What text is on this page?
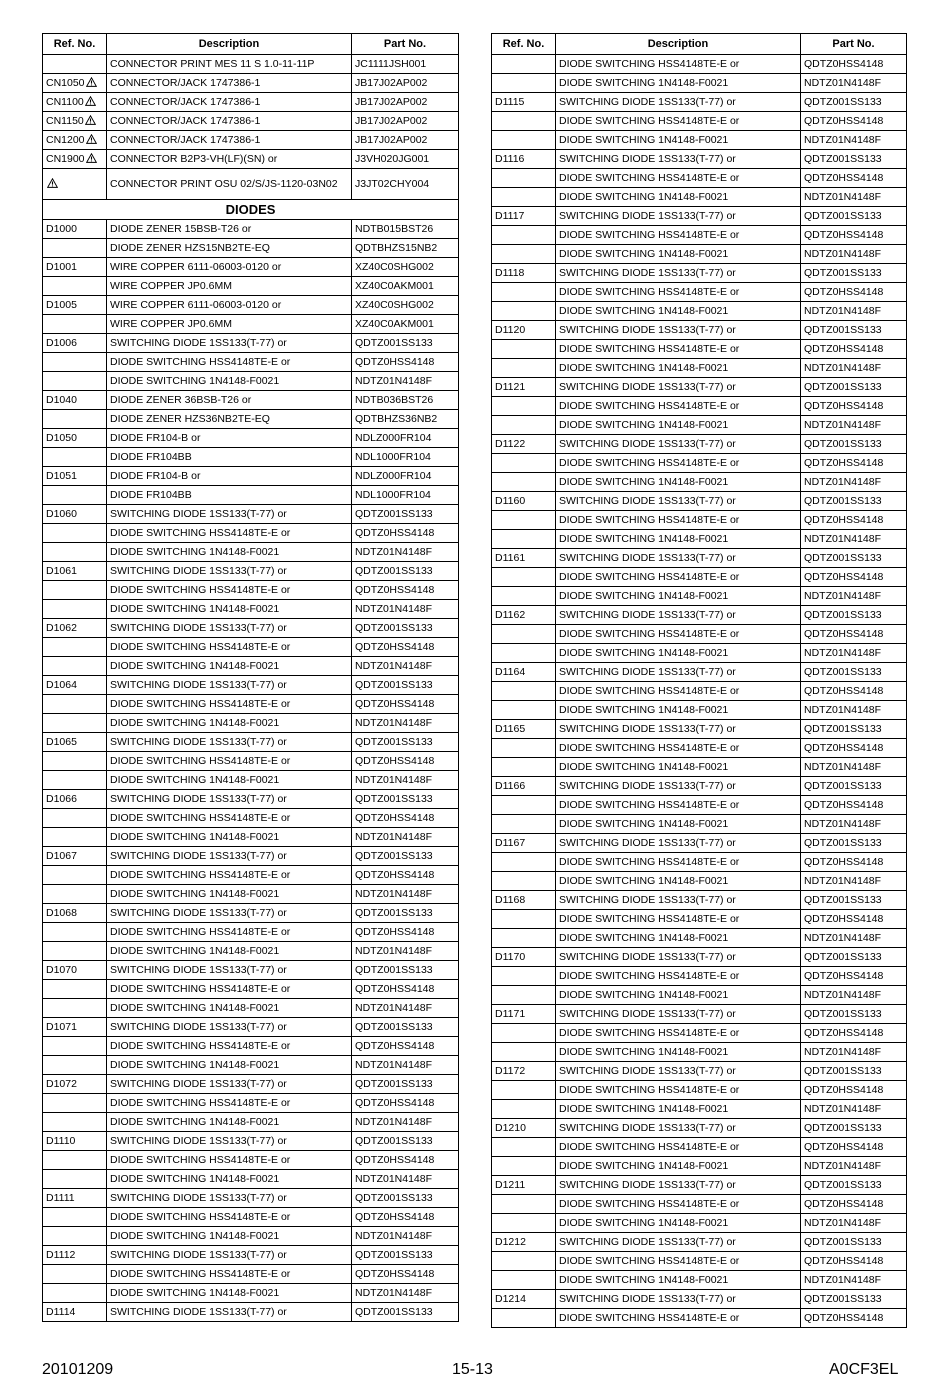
Ref. No.	Description	Part No.
	CONNECTOR PRINT MES 11 S 1.0-11-11P	JC1111JSH001
CN1050	CONNECTOR/JACK 1747386-1	JB17J02AP002
CN1100	CONNECTOR/JACK 1747386-1	JB17J02AP002
CN1150	CONNECTOR/JACK 1747386-1	JB17J02AP002
CN1200	CONNECTOR/JACK 1747386-1	JB17J02AP002
CN1900	CONNECTOR B2P3-VH(LF)(SN) or	J3VH020JG001
	CONNECTOR PRINT OSU 02/S/JS-1120-03N02	J3JT02CHY004
DIODES		
D1000	DIODE ZENER 15BSB-T26 or	NDTB015BST26
	DIODE ZENER HZS15NB2TE-EQ	QDTBHZS15NB2
D1001	WIRE COPPER 6111-06003-0120 or	XZ40C0SHG002
	WIRE COPPER JP0.6MM	XZ40C0AKM001
D1005	WIRE COPPER 6111-06003-0120 or	XZ40C0SHG002
	WIRE COPPER JP0.6MM	XZ40C0AKM001
D1006	SWITCHING DIODE 1SS133(T-77) or	QDTZ001SS133
	DIODE SWITCHING HSS4148TE-E or	QDTZ0HSS4148
	DIODE SWITCHING 1N4148-F0021	NDTZ01N4148F
D1040	DIODE ZENER 36BSB-T26 or	NDTB036BST26
	DIODE ZENER HZS36NB2TE-EQ	QDTBHZS36NB2
D1050	DIODE FR104-B or	NDLZ000FR104
	DIODE FR104BB	NDL1000FR104
D1051	DIODE FR104-B or	NDLZ000FR104
	DIODE FR104BB	NDL1000FR104
D1060	SWITCHING DIODE 1SS133(T-77) or	QDTZ001SS133
	DIODE SWITCHING HSS4148TE-E or	QDTZ0HSS4148
	DIODE SWITCHING 1N4148-F0021	NDTZ01N4148F
D1061	SWITCHING DIODE 1SS133(T-77) or	QDTZ001SS133
	DIODE SWITCHING HSS4148TE-E or	QDTZ0HSS4148
	DIODE SWITCHING 1N4148-F0021	NDTZ01N4148F
D1062	SWITCHING DIODE 1SS133(T-77) or	QDTZ001SS133
	DIODE SWITCHING HSS4148TE-E or	QDTZ0HSS4148
	DIODE SWITCHING 1N4148-F0021	NDTZ01N4148F
D1064	SWITCHING DIODE 1SS133(T-77) or	QDTZ001SS133
	DIODE SWITCHING HSS4148TE-E or	QDTZ0HSS4148
	DIODE SWITCHING 1N4148-F0021	NDTZ01N4148F
D1065	SWITCHING DIODE 1SS133(T-77) or	QDTZ001SS133
	DIODE SWITCHING HSS4148TE-E or	QDTZ0HSS4148
	DIODE SWITCHING 1N4148-F0021	NDTZ01N4148F
D1066	SWITCHING DIODE 1SS133(T-77) or	QDTZ001SS133
	DIODE SWITCHING HSS4148TE-E or	QDTZ0HSS4148
	DIODE SWITCHING 1N4148-F0021	NDTZ01N4148F
D1067	SWITCHING DIODE 1SS133(T-77) or	QDTZ001SS133
	DIODE SWITCHING HSS4148TE-E or	QDTZ0HSS4148
	DIODE SWITCHING 1N4148-F0021	NDTZ01N4148F
D1068	SWITCHING DIODE 1SS133(T-77) or	QDTZ001SS133
	DIODE SWITCHING HSS4148TE-E or	QDTZ0HSS4148
	DIODE SWITCHING 1N4148-F0021	NDTZ01N4148F
D1070	SWITCHING DIODE 1SS133(T-77) or	QDTZ001SS133
	DIODE SWITCHING HSS4148TE-E or	QDTZ0HSS4148
	DIODE SWITCHING 1N4148-F0021	NDTZ01N4148F
D1071	SWITCHING DIODE 1SS133(T-77) or	QDTZ001SS133
	DIODE SWITCHING HSS4148TE-E or	QDTZ0HSS4148
	DIODE SWITCHING 1N4148-F0021	NDTZ01N4148F
D1072	SWITCHING DIODE 1SS133(T-77) or	QDTZ001SS133
	DIODE SWITCHING HSS4148TE-E or	QDTZ0HSS4148
	DIODE SWITCHING 1N4148-F0021	NDTZ01N4148F
D1110	SWITCHING DIODE 1SS133(T-77) or	QDTZ001SS133
	DIODE SWITCHING HSS4148TE-E or	QDTZ0HSS4148
	DIODE SWITCHING 1N4148-F0021	NDTZ01N4148F
D1111	SWITCHING DIODE 1SS133(T-77) or	QDTZ001SS133
	DIODE SWITCHING HSS4148TE-E or	QDTZ0HSS4148
	DIODE SWITCHING 1N4148-F0021	NDTZ01N4148F
D1112	SWITCHING DIODE 1SS133(T-77) or	QDTZ001SS133
	DIODE SWITCHING HSS4148TE-E or	QDTZ0HSS4148
	DIODE SWITCHING 1N4148-F0021	NDTZ01N4148F
D1114	SWITCHING DIODE 1SS133(T-77) or	QDTZ001SS133
Ref. No.	Description	Part No.
	DIODE SWITCHING HSS4148TE-E or	QDTZ0HSS4148
	DIODE SWITCHING 1N4148-F0021	NDTZ01N4148F
D1115	SWITCHING DIODE 1SS133(T-77) or	QDTZ001SS133
	DIODE SWITCHING HSS4148TE-E or	QDTZ0HSS4148
	DIODE SWITCHING 1N4148-F0021	NDTZ01N4148F
D1116	SWITCHING DIODE 1SS133(T-77) or	QDTZ001SS133
	DIODE SWITCHING HSS4148TE-E or	QDTZ0HSS4148
	DIODE SWITCHING 1N4148-F0021	NDTZ01N4148F
D1117	SWITCHING DIODE 1SS133(T-77) or	QDTZ001SS133
	DIODE SWITCHING HSS4148TE-E or	QDTZ0HSS4148
	DIODE SWITCHING 1N4148-F0021	NDTZ01N4148F
D1118	SWITCHING DIODE 1SS133(T-77) or	QDTZ001SS133
	DIODE SWITCHING HSS4148TE-E or	QDTZ0HSS4148
	DIODE SWITCHING 1N4148-F0021	NDTZ01N4148F
D1120	SWITCHING DIODE 1SS133(T-77) or	QDTZ001SS133
	DIODE SWITCHING HSS4148TE-E or	QDTZ0HSS4148
	DIODE SWITCHING 1N4148-F0021	NDTZ01N4148F
D1121	SWITCHING DIODE 1SS133(T-77) or	QDTZ001SS133
	DIODE SWITCHING HSS4148TE-E or	QDTZ0HSS4148
	DIODE SWITCHING 1N4148-F0021	NDTZ01N4148F
D1122	SWITCHING DIODE 1SS133(T-77) or	QDTZ001SS133
	DIODE SWITCHING HSS4148TE-E or	QDTZ0HSS4148
	DIODE SWITCHING 1N4148-F0021	NDTZ01N4148F
D1160	SWITCHING DIODE 1SS133(T-77) or	QDTZ001SS133
	DIODE SWITCHING HSS4148TE-E or	QDTZ0HSS4148
	DIODE SWITCHING 1N4148-F0021	NDTZ01N4148F
D1161	SWITCHING DIODE 1SS133(T-77) or	QDTZ001SS133
	DIODE SWITCHING HSS4148TE-E or	QDTZ0HSS4148
	DIODE SWITCHING 1N4148-F0021	NDTZ01N4148F
D1162	SWITCHING DIODE 1SS133(T-77) or	QDTZ001SS133
	DIODE SWITCHING HSS4148TE-E or	QDTZ0HSS4148
	DIODE SWITCHING 1N4148-F0021	NDTZ01N4148F
D1164	SWITCHING DIODE 1SS133(T-77) or	QDTZ001SS133
	DIODE SWITCHING HSS4148TE-E or	QDTZ0HSS4148
	DIODE SWITCHING 1N4148-F0021	NDTZ01N4148F
D1165	SWITCHING DIODE 1SS133(T-77) or	QDTZ001SS133
	DIODE SWITCHING HSS4148TE-E or	QDTZ0HSS4148
	DIODE SWITCHING 1N4148-F0021	NDTZ01N4148F
D1166	SWITCHING DIODE 1SS133(T-77) or	QDTZ001SS133
	DIODE SWITCHING HSS4148TE-E or	QDTZ0HSS4148
	DIODE SWITCHING 1N4148-F0021	NDTZ01N4148F
D1167	SWITCHING DIODE 1SS133(T-77) or	QDTZ001SS133
	DIODE SWITCHING HSS4148TE-E or	QDTZ0HSS4148
	DIODE SWITCHING 1N4148-F0021	NDTZ01N4148F
D1168	SWITCHING DIODE 1SS133(T-77) or	QDTZ001SS133
	DIODE SWITCHING HSS4148TE-E or	QDTZ0HSS4148
	DIODE SWITCHING 1N4148-F0021	NDTZ01N4148F
D1170	SWITCHING DIODE 1SS133(T-77) or	QDTZ001SS133
	DIODE SWITCHING HSS4148TE-E or	QDTZ0HSS4148
	DIODE SWITCHING 1N4148-F0021	NDTZ01N4148F
D1171	SWITCHING DIODE 1SS133(T-77) or	QDTZ001SS133
	DIODE SWITCHING HSS4148TE-E or	QDTZ0HSS4148
	DIODE SWITCHING 1N4148-F0021	NDTZ01N4148F
D1172	SWITCHING DIODE 1SS133(T-77) or	QDTZ001SS133
	DIODE SWITCHING HSS4148TE-E or	QDTZ0HSS4148
	DIODE SWITCHING 1N4148-F0021	NDTZ01N4148F
D1210	SWITCHING DIODE 1SS133(T-77) or	QDTZ001SS133
	DIODE SWITCHING HSS4148TE-E or	QDTZ0HSS4148
	DIODE SWITCHING 1N4148-F0021	NDTZ01N4148F
D1211	SWITCHING DIODE 1SS133(T-77) or	QDTZ001SS133
	DIODE SWITCHING HSS4148TE-E or	QDTZ0HSS4148
	DIODE SWITCHING 1N4148-F0021	NDTZ01N4148F
D1212	SWITCHING DIODE 1SS133(T-77) or	QDTZ001SS133
	DIODE SWITCHING HSS4148TE-E or	QDTZ0HSS4148
	DIODE SWITCHING 1N4148-F0021	NDTZ01N4148F
D1214	SWITCHING DIODE 1SS133(T-77) or	QDTZ001SS133
	DIODE SWITCHING HSS4148TE-E or	QDTZ0HSS4148
20101209	15-13	A0CF3EL
